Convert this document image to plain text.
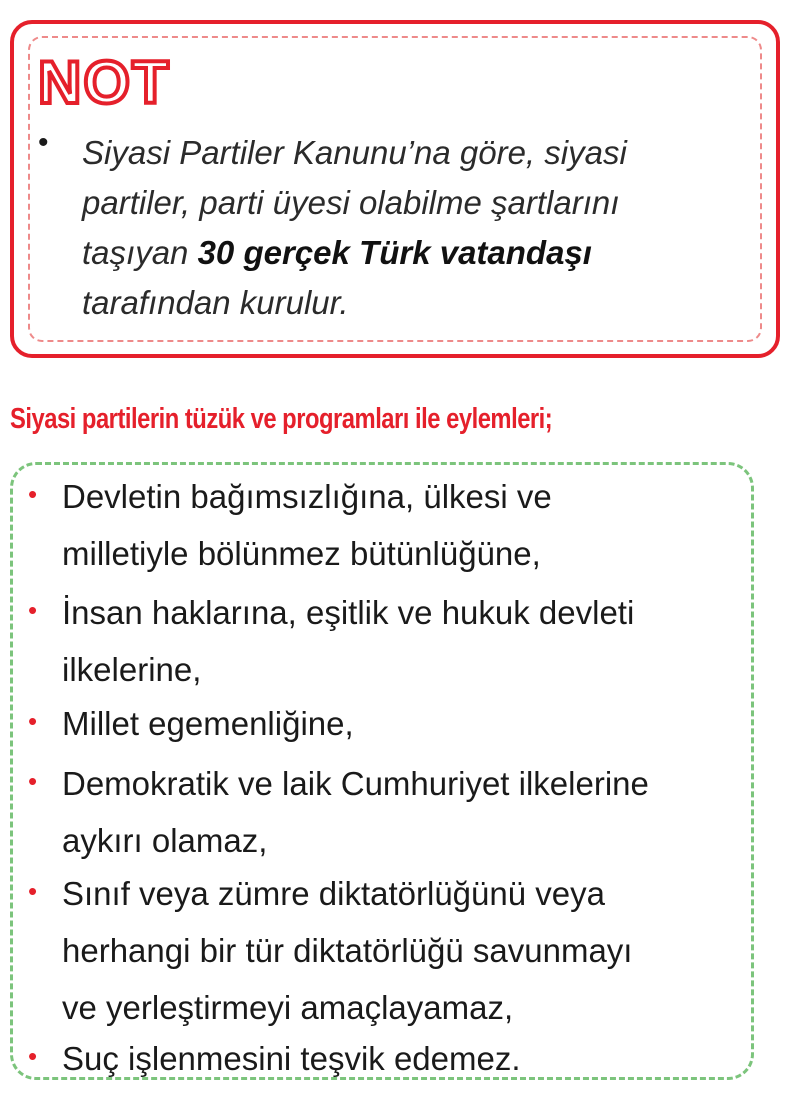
NOT
• Siyasi Partiler Kanunu’na göre, siyasi partiler, parti üyesi olabilme şartlarını taşıyan 30 gerçek Türk vatandaşı tarafından kurulur.

Siyasi partilerin tüzük ve programları ile eylemleri;
• Devletin bağımsızlığına, ülkesi ve
milletiyle bölünmez bütünlüğüne,

• İnsan haklarına, eşitlik ve hukuk devleti
ilkelerine,

• Millet egemenliğine,

• Demokratik ve laik Cumhuriyet ilkelerine
aykırı olamaz,

• Sınıf veya zümre diktatörlüğünü veya
herhangi bir tür diktatörlüğü savunmayı
ve yerleştirmeyi amaçlayamaz,

• Suç işlenmesini teşvik edemez.
